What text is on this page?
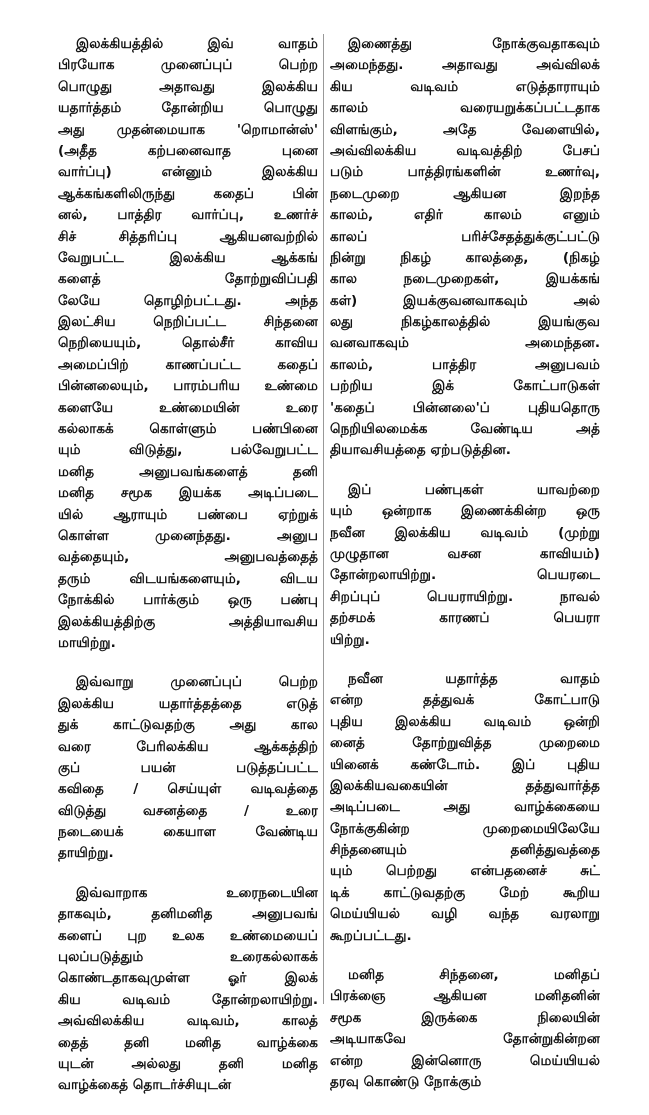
இலக்கியத்தில் இவ் வாதம்
பிரயோக முனைப்புப் பெற்ற
பொழுது அதாவது இலக்கிய
யதார்த்தம் தோன்றிய பொழுது
அது முதன்மையாக 'றொமான்ஸ்'
(அதீத கற்பனைவாத புனை
வார்ப்பு) என்னும் இலக்கிய
ஆக்கங்களிலிருந்து கதைப் பின்
னல், பாத்திர வார்ப்பு, உணர்ச்
சிச் சித்தரிப்பு ஆகியனவற்றில்
வேறுபட்ட இலக்கிய ஆக்கங்
களைத் தோற்றுவிப்பதி
லேயே தொழிற்பட்டது. அந்த
இலட்சிய நெறிப்பட்ட சிந்தனை
நெறியையும், தொல்சீர் காவிய
அமைப்பிற் காணப்பட்ட கதைப்
பின்னலையும், பாரம்பரிய உண்மை
களையே உண்மையின் உரை
கல்லாகக் கொள்ளும் பண்பினை
யும் விடுத்து, பல்வேறுபட்ட
மனித அனுபவங்களைத் தனி
மனித சமூக இயக்க அடிப்படை
யில் ஆராயும் பண்பை ஏற்றுக்
கொள்ள முனைந்தது. அனுப
வத்தையும், அனுபவத்தைத்
தரும் விடயங்களையும், விடய
நோக்கில் பார்க்கும் ஒரு பண்பு
இலக்கியத்திற்கு அத்தியாவசிய
மாயிற்று.
இவ்வாறு முனைப்புப் பெற்ற
இலக்கிய யதார்த்தத்தை எடுத்
துக் காட்டுவதற்கு அது கால
வரை பேரிலக்கிய ஆக்கத்திற்
குப் பயன் படுத்தப்பட்ட
கவிதை / செய்யுள் வடிவத்தை
விடுத்து வசனத்தை / உரை
நடையைக் கையாள வேண்டிய
தாயிற்று.
இவ்வாறாக உரைநடையின
தாகவும், தனிமனித அனுபவங்
களைப் புற உலக உண்மையைப்
புலப்படுத்தும் உரைகல்லாகக்
கொண்டதாகவுமுள்ள ஓர் இலக்
கிய வடிவம் தோன்றலாயிற்று.
அவ்விலக்கிய வடிவம், காலத்
தைத் தனி மனித வாழ்க்கை
யுடன் அல்லது தனி மனித
வாழ்க்கைத் தொடர்ச்சியுடன்
இணைத்து நோக்குவதாகவும்
அமைந்தது. அதாவது அவ்விலக்
கிய வடிவம் எடுத்தாராயும்
காலம் வரையறுக்கப்பட்டதாக
விளங்கும், அதே வேளையில்,
அவ்விலக்கிய வடிவத்திற் பேசப்
படும் பாத்திரங்களின் உணர்வு,
நடைமுறை ஆகியன இறந்த
காலம், எதிர் காலம் எனும்
காலப் பரிச்சேதத்துக்குட்பட்டு
நின்று நிகழ் காலத்தை, (நிகழ்
கால நடைமுறைகள், இயக்கங்
கள்) இயக்குவனவாகவும் அல்
லது நிகழ்காலத்தில் இயங்குவ
வனவாகவும் அமைந்தன.
காலம், பாத்திர அனுபவம்
பற்றிய இக் கோட்பாடுகள்
'கதைப் பின்னலை'ப் புதியதொரு
நெறியிலமைக்க வேண்டிய அத்
தியாவசியத்தை ஏற்படுத்தின.
இப் பண்புகள் யாவற்றை
யும் ஒன்றாக இணைக்கின்ற ஒரு
நவீன இலக்கிய வடிவம் (முற்று
முழுதான வசன காவியம்)
தோன்றலாயிற்று. பெயரடை
சிறப்புப் பெயராயிற்று. நாவல்
தற்சமக் காரணப் பெயரா
யிற்று.
நவீன யதார்த்த வாதம்
என்ற தத்துவக் கோட்பாடு
புதிய இலக்கிய வடிவம் ஒன்றி
னைத் தோற்றுவித்த முறைமை
யினைக் கண்டோம். இப் புதிய
இலக்கியவகையின் தத்துவார்த்த
அடிப்படை அது வாழ்க்கையை
நோக்குகின்ற முறைமையிலேயே
சிந்தனையும் தனித்துவத்தை
யும் பெற்றது என்பதனைச் சுட்
டிக் காட்டுவதற்கு மேற் கூறிய
மெய்யியல் வழி வந்த வரலாறு
கூறப்பட்டது.
மனித சிந்தனை, மனிதப்
பிரக்ஞை ஆகியன மனிதனின்
சமூக இருக்கை நிலையின்
அடியாகவே தோன்றுகின்றன
என்ற இன்னொரு மெய்யியல்
தரவு கொண்டு நோக்கும்
